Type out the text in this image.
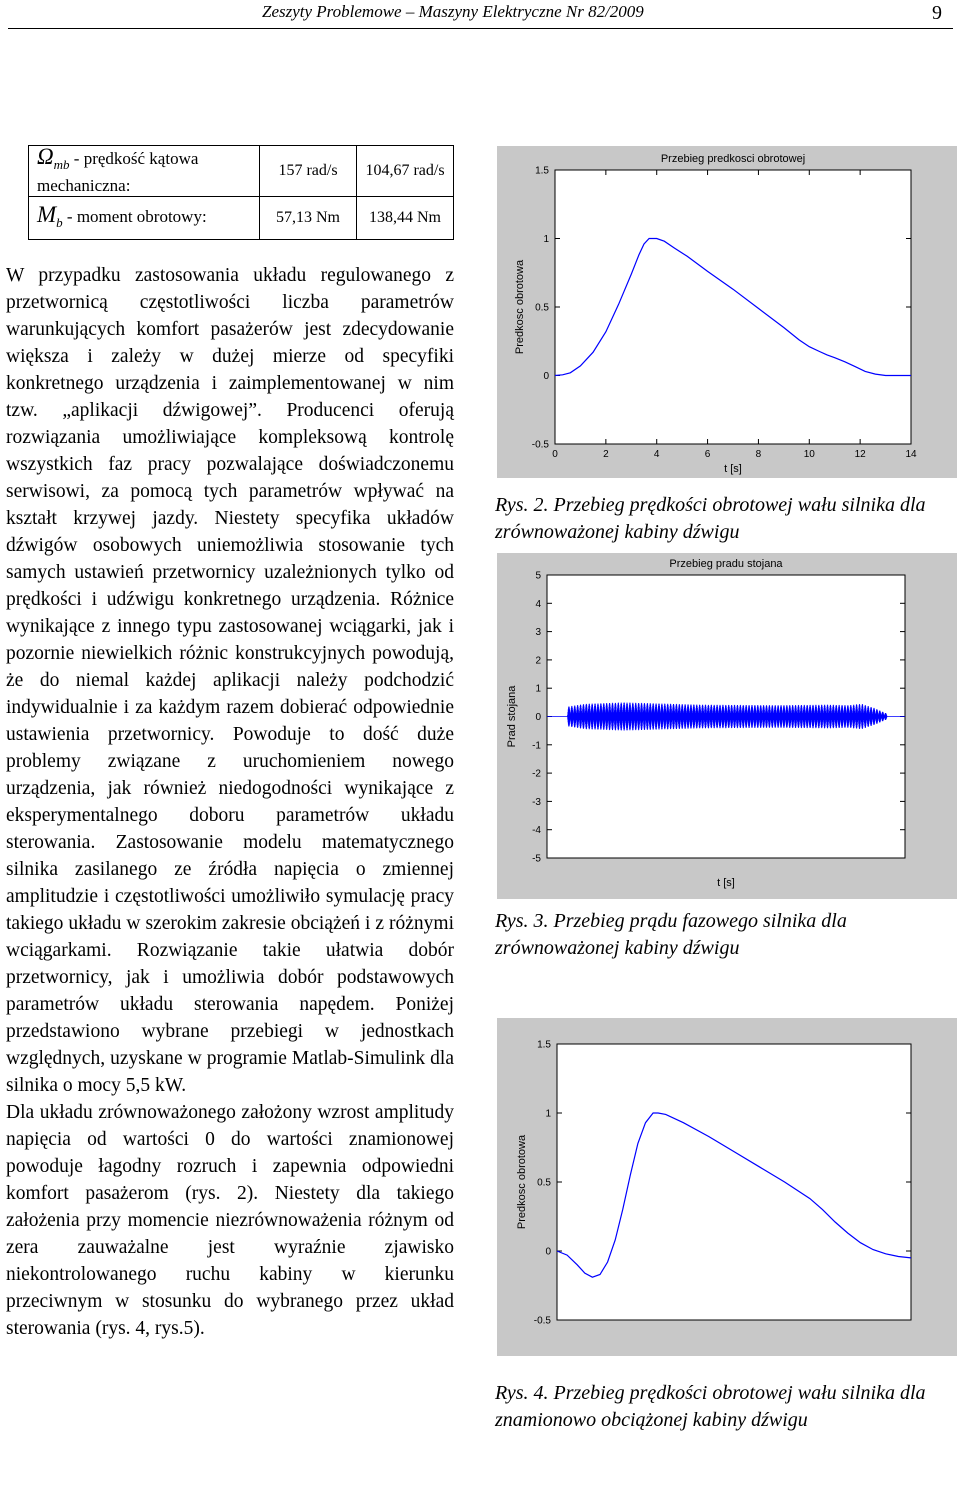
Zeszyty Problemowe – Maszyny Elektryczne Nr 82/2009	9
$\Omega_{mb}$ - prędkość kątowa mechaniczna:	157 rad/s	104,67 rad/s
$M_b$ - moment obrotowy:	57,13 Nm	138,44 Nm

W przypadku zastosowania układu regulowanego z przetwornicą częstotliwości liczba parametrów warunkujących komfort pasażerów jest zdecydowanie większa i zależy w dużej mierze od specyfiki konkretnego urządzenia i zaimplementowanej w nim tzw. „aplikacji dźwigowej”. Producenci oferują rozwiązania umożliwiające kompleksową kontrolę wszystkich faz pracy pozwalające doświadczonemu serwisowi, za pomocą tych parametrów wpływać na kształt krzywej jazdy. Niestety specyfika układów dźwigów osobowych uniemożliwia stosowanie tych samych ustawień przetwornicy uzależnionych tylko od prędkości i udźwigu konkretnego urządzenia. Różnice wynikające z innego typu zastosowanej wciągarki, jak i pozornie niewielkich różnic konstrukcyjnych powodują, że do niemal każdej aplikacji należy podchodzić indywidualnie i za każdym razem dobierać odpowiednie ustawienia przetwornicy. Powoduje to dość duże problemy związane z uruchomieniem nowego urządzenia, jak również niedogodności wynikające z eksperymentalnego doboru parametrów układu sterowania. Zastosowanie modelu matematycznego silnika zasilanego ze źródła napięcia o zmiennej amplitudzie i częstotliwości umożliwiło symulację pracy takiego układu w szerokim zakresie obciążeń i z różnymi wciągarkami. Rozwiązanie takie ułatwia dobór przetwornicy, jak i umożliwia dobór podstawowych parametrów układu sterowania napędem. Poniżej przedstawiono wybrane przebiegi w jednostkach względnych, uzyskane w programie Matlab-Simulink dla silnika o mocy 5,5 kW.

Dla układu zrównoważonego założony wzrost amplitudy napięcia od wartości 0 do wartości znamionowej powoduje łagodny rozruch i zapewnia odpowiedni komfort pasażerom (rys. 2). Niestety dla takiego założenia przy momencie niezrównoważenia różnym od zera zauważalne jest wyraźnie zjawisko niekontrolowanego ruchu kabiny w kierunku przeciwnym w stosunku do wybranego przez układ sterowania (rys. 4, rys.5).

-0.5
0
0.5
1
1.5
0	2	4	6	8	10	12	14
Przebieg predkosci obrotowej
t [s]
Predkosc obrotowa
Rys. 2. Przebieg prędkości obrotowej wału silnika dla zrównoważonej kabiny dźwigu
-5
-4
-3
-2
-1
0
1
2
3
4
5
Przebieg pradu stojana
t [s]
Prad stojana
Rys. 3. Przebieg prądu fazowego silnika dla zrównoważonej kabiny dźwigu
-0.5
0
0.5
1
1.5
Predkosc obrotowa
Rys. 4. Przebieg prędkości obrotowej wału silnika dla znamionowo obciążonej kabiny dźwigu
